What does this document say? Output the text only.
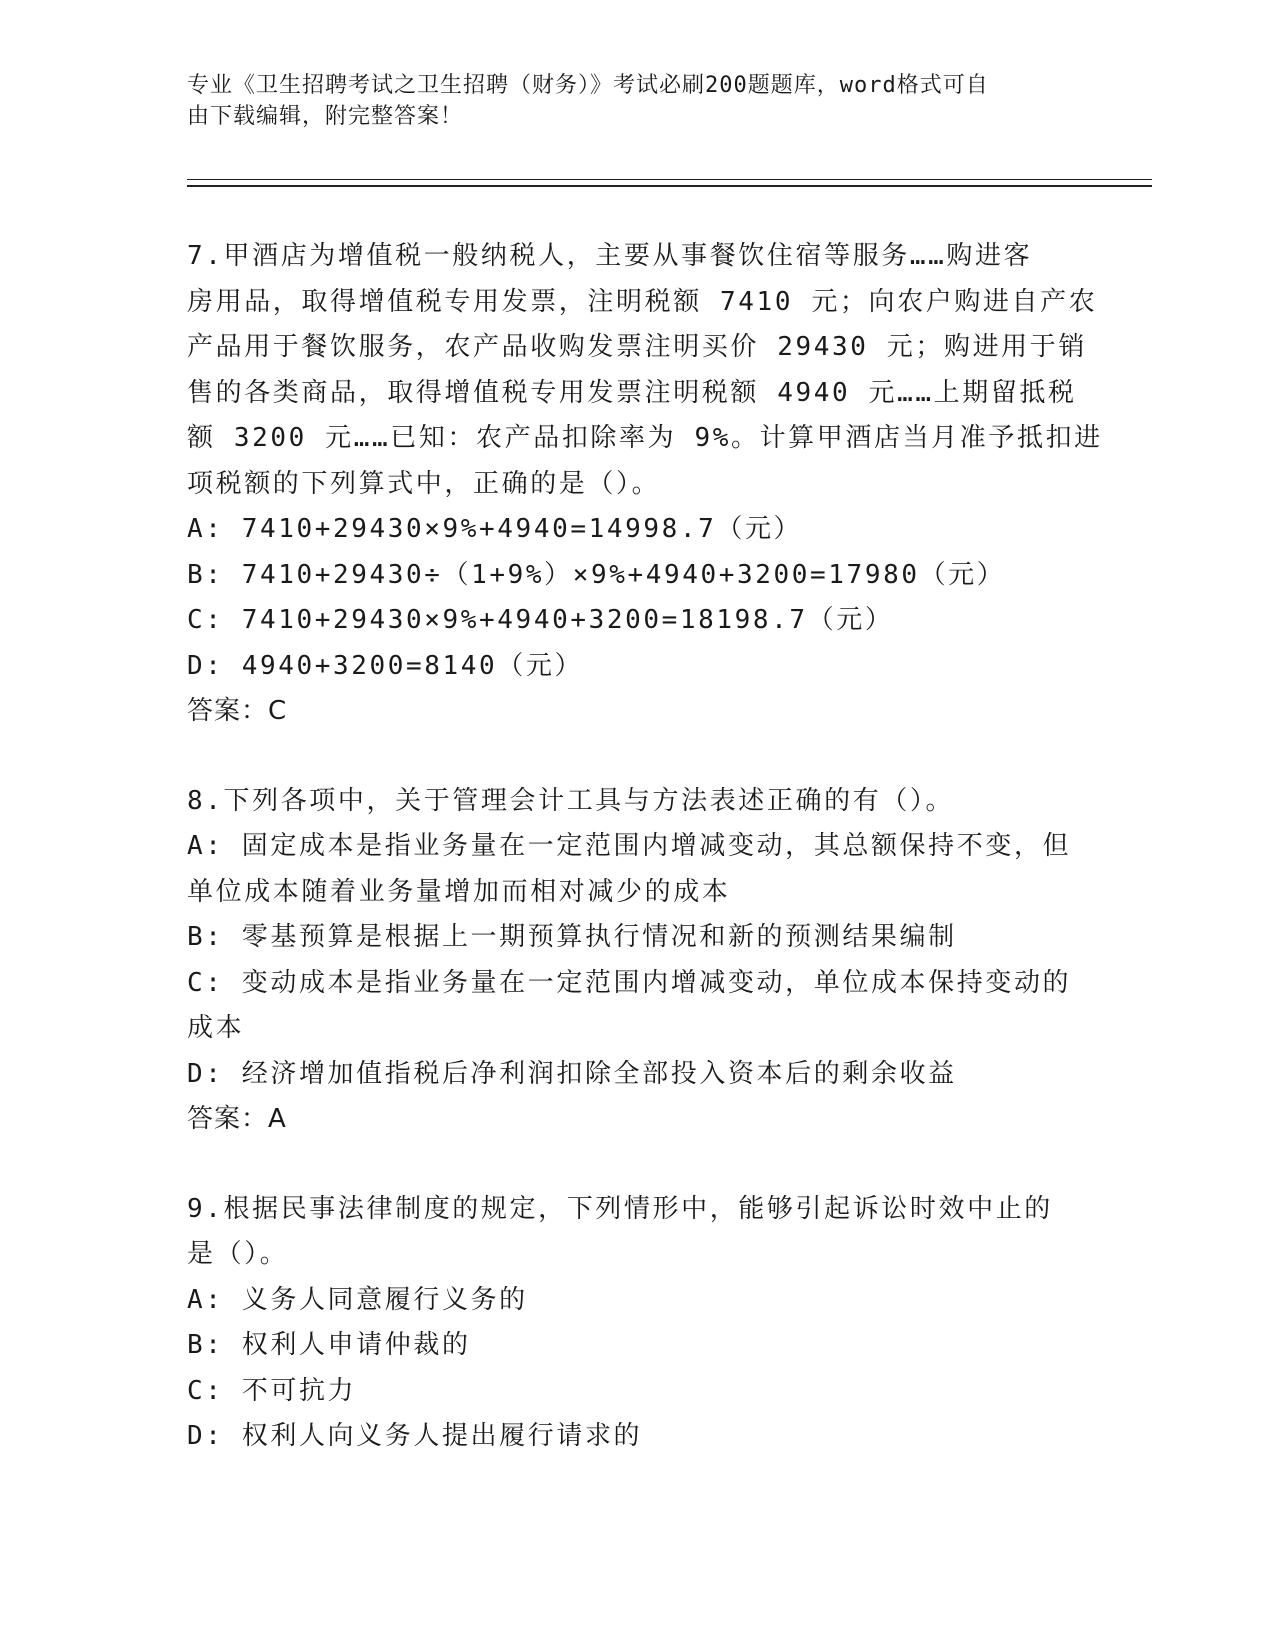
专业《卫生招聘考试之卫生招聘（财务）》考试必刷200题题库，word格式可自
由下载编辑，附完整答案！
7.甲酒店为增值税一般纳税人，主要从事餐饮住宿等服务……购进客
房用品，取得增值税专用发票，注明税额 7410 元；向农户购进自产农
产品用于餐饮服务，农产品收购发票注明买价 29430 元；购进用于销
售的各类商品，取得增值税专用发票注明税额 4940 元……上期留抵税
额 3200 元……已知：农产品扣除率为 9%。计算甲酒店当月准予抵扣进
项税额的下列算式中，正确的是（）。
A: 7410+29430×9%+4940=14998.7（元）
B: 7410+29430÷（1+9%）×9%+4940+3200=17980（元）
C: 7410+29430×9%+4940+3200=18198.7（元）
D: 4940+3200=8140（元）
答案：C
8.下列各项中，关于管理会计工具与方法表述正确的有（）。
A: 固定成本是指业务量在一定范围内增减变动，其总额保持不变，但
单位成本随着业务量增加而相对减少的成本
B: 零基预算是根据上一期预算执行情况和新的预测结果编制
C: 变动成本是指业务量在一定范围内增减变动，单位成本保持变动的
成本
D: 经济增加值指税后净利润扣除全部投入资本后的剩余收益
答案：A
9.根据民事法律制度的规定，下列情形中，能够引起诉讼时效中止的
是（）。
A: 义务人同意履行义务的
B: 权利人申请仲裁的
C: 不可抗力
D: 权利人向义务人提出履行请求的
